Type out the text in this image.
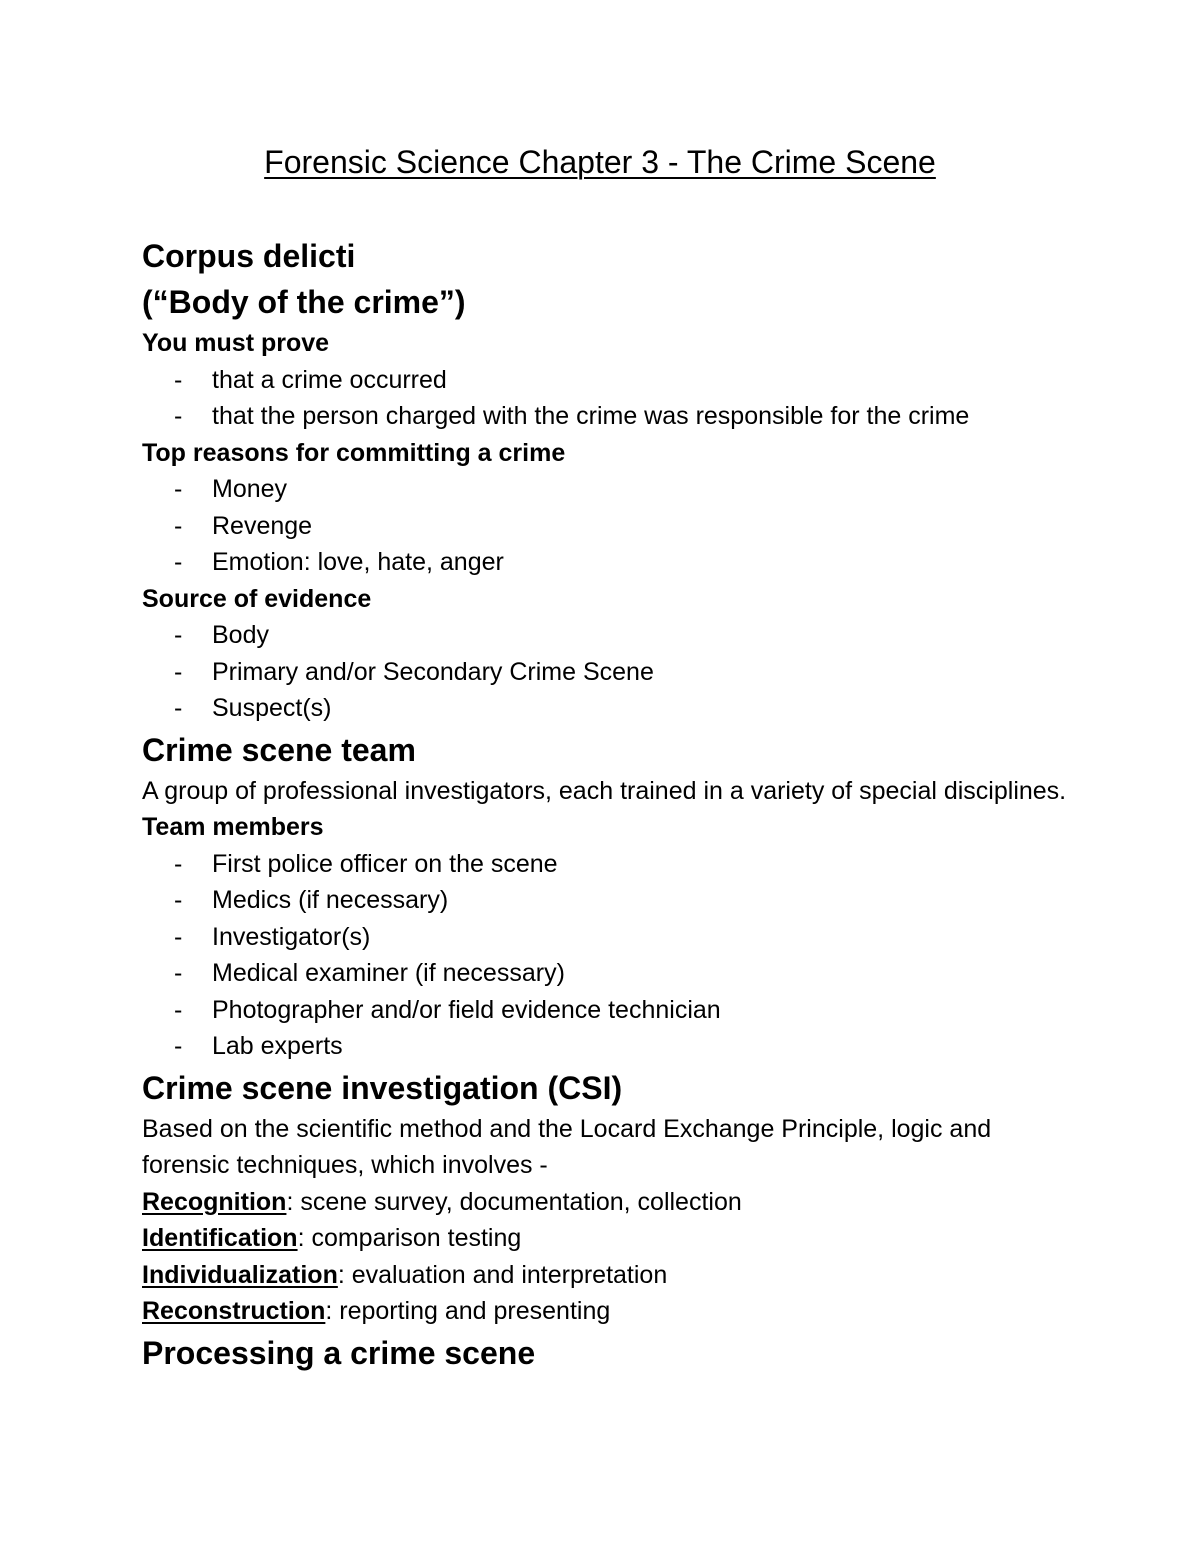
Forensic Science Chapter 3 - The Crime Scene

Corpus delicti

(“Body of the crime”)

You must prove

- that a crime occurred
- that the person charged with the crime was responsible for the crime

Top reasons for committing a crime

- Money
- Revenge
- Emotion: love, hate, anger

Source of evidence

- Body
- Primary and/or Secondary Crime Scene
- Suspect(s)

Crime scene team

A group of professional investigators, each trained in a variety of special disciplines.

Team members

- First police officer on the scene
- Medics (if necessary)
- Investigator(s)
- Medical examiner (if necessary)
- Photographer and/or field evidence technician
- Lab experts

Crime scene investigation (CSI)

Based on the scientific method and the Locard Exchange Principle, logic and forensic techniques, which involves -

Recognition: scene survey, documentation, collection

Identification: comparison testing

Individualization: evaluation and interpretation

Reconstruction: reporting and presenting

Processing a crime scene
